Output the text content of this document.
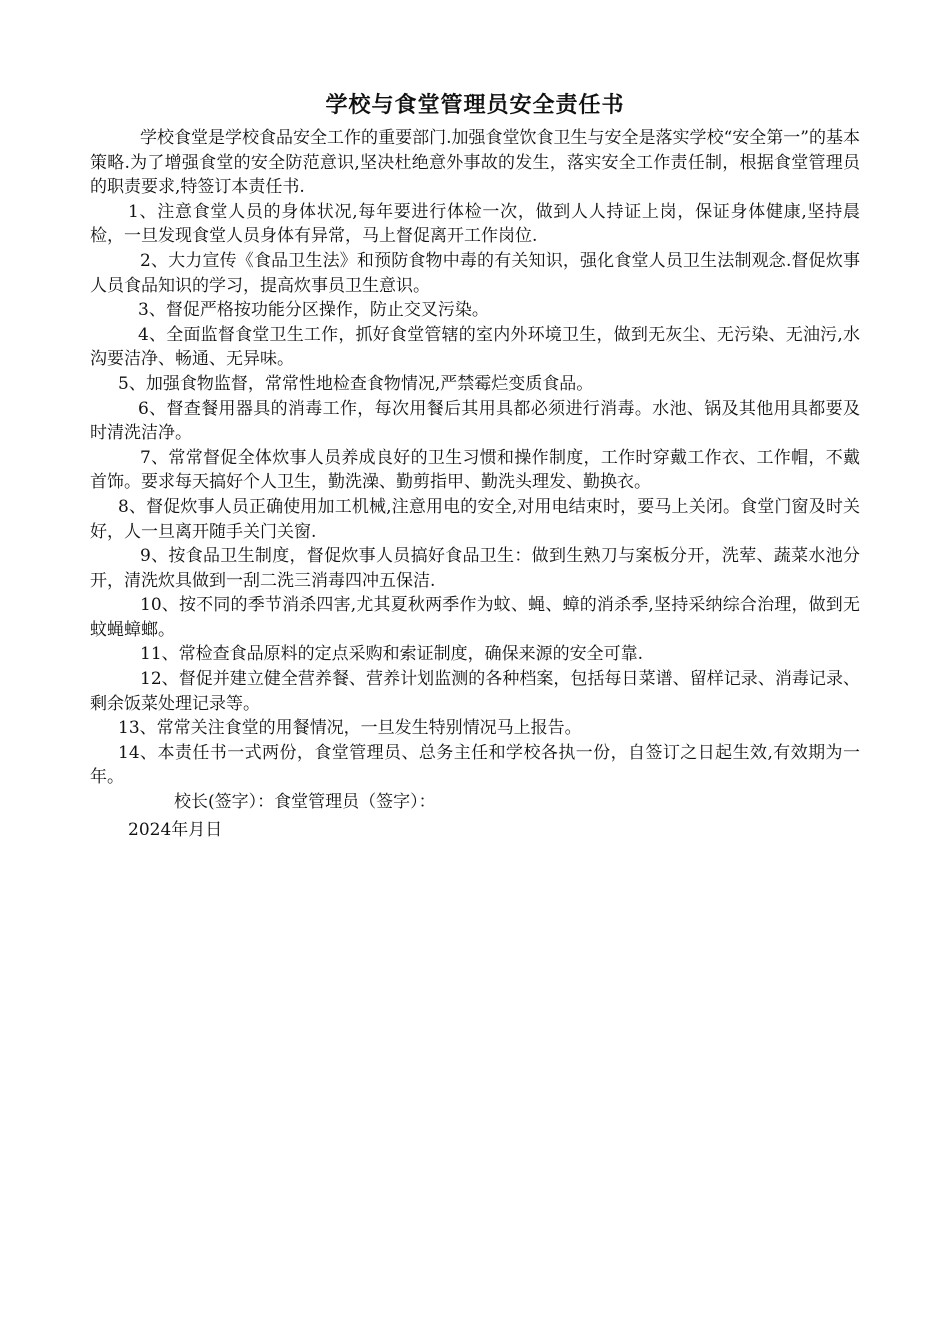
学校与食堂管理员安全责任书

学校食堂是学校食品安全工作的重要部门.加强食堂饮食卫生与安全是落实学校“安全第一”的基本策略.为了增强食堂的安全防范意识,坚决杜绝意外事故的发生，落实安全工作责任制，根据食堂管理员的职责要求,特签订本责任书.

1、注意食堂人员的身体状况,每年要进行体检一次，做到人人持证上岗，保证身体健康,坚持晨检，一旦发现食堂人员身体有异常，马上督促离开工作岗位.

2、大力宣传《食品卫生法》和预防食物中毒的有关知识，强化食堂人员卫生法制观念.督促炊事人员食品知识的学习，提高炊事员卫生意识。

3、督促严格按功能分区操作，防止交叉污染。

4、全面监督食堂卫生工作，抓好食堂管辖的室内外环境卫生，做到无灰尘、无污染、无油污,水沟要洁净、畅通、无异味。

5、加强食物监督，常常性地检查食物情况,严禁霉烂变质食品。

6、督查餐用器具的消毒工作，每次用餐后其用具都必须进行消毒。水池、锅及其他用具都要及时清洗洁净。

7、常常督促全体炊事人员养成良好的卫生习惯和操作制度，工作时穿戴工作衣、工作帽，不戴首饰。要求每天搞好个人卫生，勤洗澡、勤剪指甲、勤洗头理发、勤换衣。

8、督促炊事人员正确使用加工机械,注意用电的安全,对用电结束时，要马上关闭。食堂门窗及时关好，人一旦离开随手关门关窗.

9、按食品卫生制度，督促炊事人员搞好食品卫生：做到生熟刀与案板分开，洗荤、蔬菜水池分开，清洗炊具做到一刮二洗三消毒四冲五保洁.

10、按不同的季节消杀四害,尤其夏秋两季作为蚊、蝇、蟑的消杀季,坚持采纳综合治理，做到无蚊蝇蟑螂。

11、常检查食品原料的定点采购和索证制度，确保来源的安全可靠.

12、督促并建立健全营养餐、营养计划监测的各种档案，包括每日菜谱、留样记录、消毒记录、剩余饭菜处理记录等。

13、常常关注食堂的用餐情况，一旦发生特别情况马上报告。

14、本责任书一式两份，食堂管理员、总务主任和学校各执一份，自签订之日起生效,有效期为一年。

校长(签字）：食堂管理员（签字）：

2024年月日
